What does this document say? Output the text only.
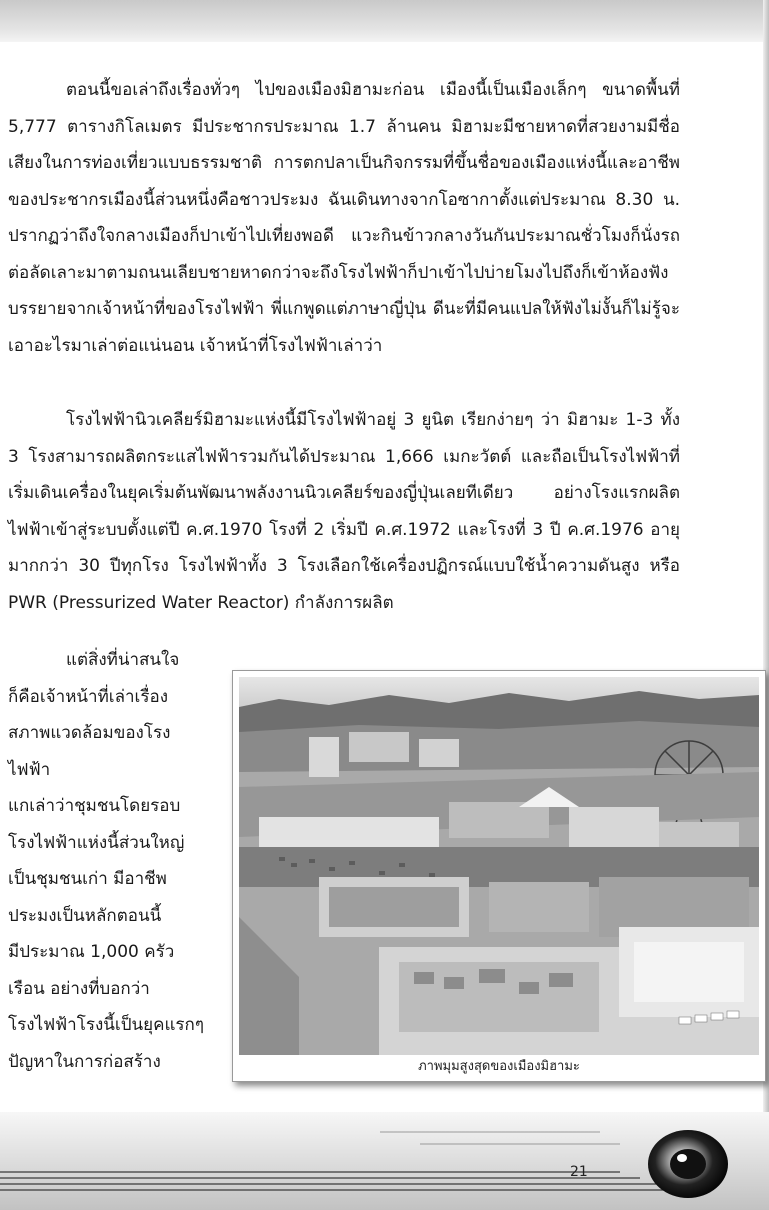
ตอนนี้ขอเล่าถึงเรื่องทั่วๆ ไปของเมืองมิฮามะก่อน เมืองนี้เป็นเมืองเล็กๆ ขนาดพื้นที่ 5,777 ตารางกิโลเมตร มีประชากรประมาณ 1.7 ล้านคน มิฮามะมีชายหาดที่สวยงามมีชื่อเสียงในการท่องเที่ยวแบบธรรมชาติ การตกปลาเป็นกิจกรรมที่ขึ้นชื่อของเมืองแห่งนี้และอาชีพของประชากรเมืองนี้ส่วนหนึ่งคือชาวประมง ฉันเดินทางจากโอซากาตั้งแต่ประมาณ 8.30 น. ปรากฏว่าถึงใจกลางเมืองก็ปาเข้าไปเที่ยงพอดี แวะกินข้าวกลางวันกันประมาณชั่วโมงก็นั่งรถต่อลัดเลาะมาตามถนนเลียบชายหาดกว่าจะถึงโรงไฟฟ้าก็ปาเข้าไปบ่ายโมงไปถึงก็เข้าห้องฟังบรรยายจากเจ้าหน้าที่ของโรงไฟฟ้า พี่แกพูดแต่ภาษาญี่ปุ่น ดีนะที่มีคนแปลให้ฟังไม่งั้นก็ไม่รู้จะเอาอะไรมาเล่าต่อแน่นอน เจ้าหน้าที่โรงไฟฟ้าเล่าว่า

โรงไฟฟ้านิวเคลียร์มิฮามะแห่งนี้มีโรงไฟฟ้าอยู่ 3 ยูนิต เรียกง่ายๆ ว่า มิฮามะ 1-3 ทั้ง 3 โรงสามารถผลิตกระแสไฟฟ้ารวมกันได้ประมาณ 1,666 เมกะวัตต์ และถือเป็นโรงไฟฟ้าที่เริ่มเดินเครื่องในยุคเริ่มต้นพัฒนาพลังงานนิวเคลียร์ของญี่ปุ่นเลยทีเดียว อย่างโรงแรกผลิตไฟฟ้าเข้าสู่ระบบตั้งแต่ปี ค.ศ.1970 โรงที่ 2 เริ่มปี ค.ศ.1972 และโรงที่ 3 ปี ค.ศ.1976 อายุมากกว่า 30 ปีทุกโรง โรงไฟฟ้าทั้ง 3 โรงเลือกใช้เครื่องปฏิกรณ์แบบใช้น้ำความดันสูง หรือ PWR (Pressurized Water Reactor) กำลังการผลิต

แต่สิ่งที่น่าสนใจ
ก็คือเจ้าหน้าที่เล่าเรื่อง
สภาพแวดล้อมของโรงไฟฟ้า
แกเล่าว่าชุมชนโดยรอบ
โรงไฟฟ้าแห่งนี้ส่วนใหญ่
เป็นชุมชนเก่า มีอาชีพ
ประมงเป็นหลักตอนนี้
มีประมาณ 1,000 ครัว
เรือน อย่างที่บอกว่า
โรงไฟฟ้าโรงนี้เป็นยุคแรกๆ
ปัญหาในการก่อสร้าง	ภาพมุมสูงสุดของเมืองมิฮามะ
21
